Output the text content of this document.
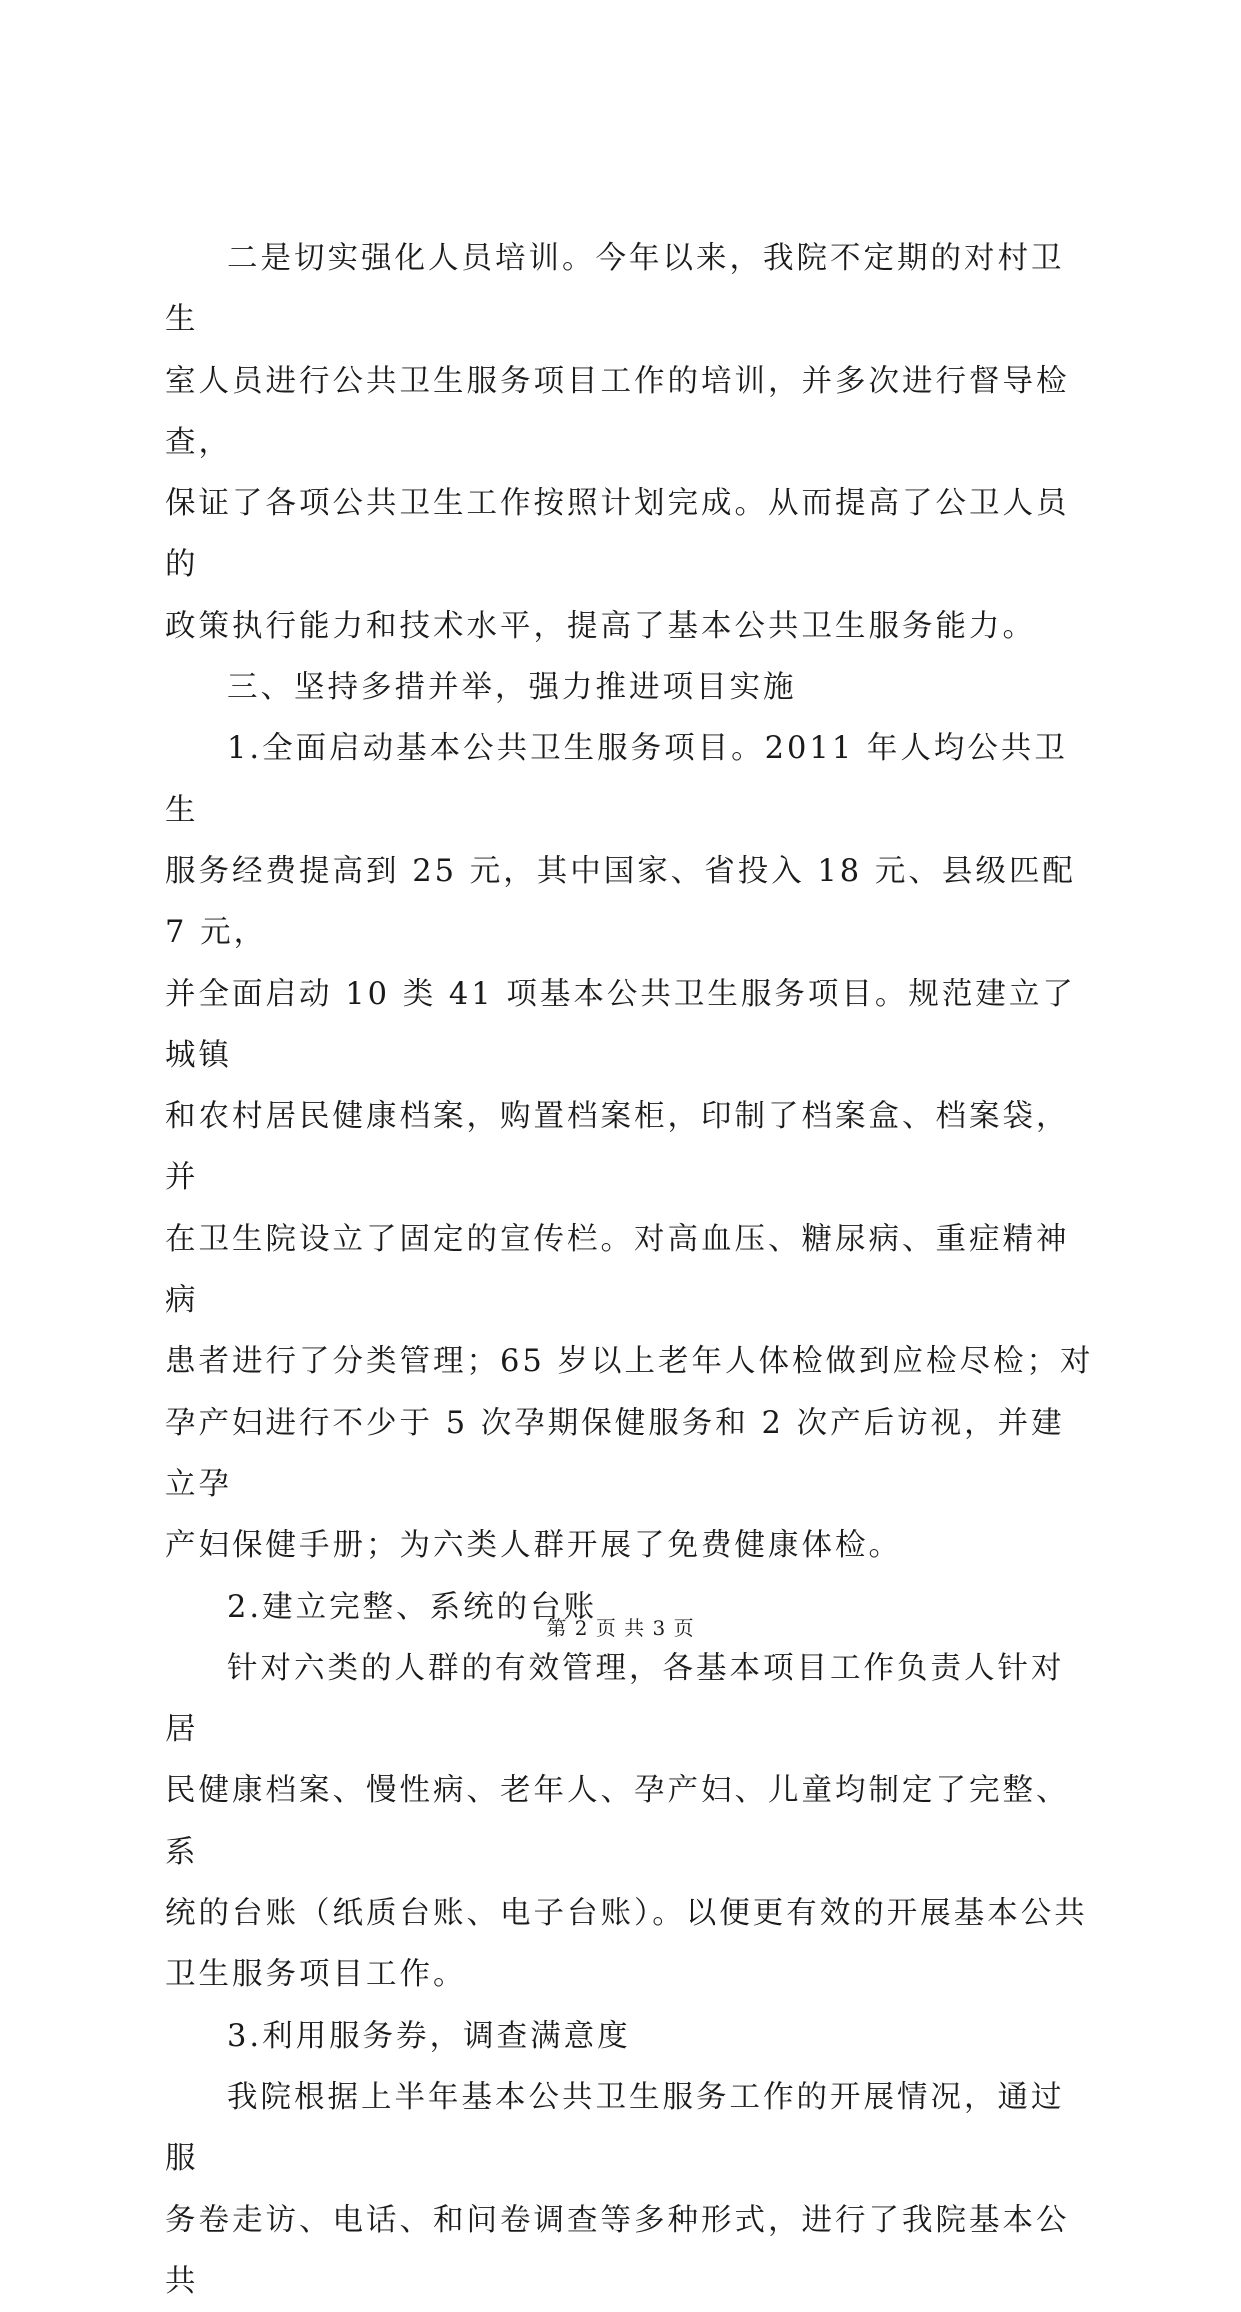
二是切实强化人员培训。今年以来，我院不定期的对村卫生
室人员进行公共卫生服务项目工作的培训，并多次进行督导检查，
保证了各项公共卫生工作按照计划完成。从而提高了公卫人员的
政策执行能力和技术水平，提高了基本公共卫生服务能力。

三、坚持多措并举，强力推进项目实施

1.全面启动基本公共卫生服务项目。2011 年人均公共卫生
服务经费提高到 25 元，其中国家、省投入 18 元、县级匹配 7 元，
并全面启动 10 类 41 项基本公共卫生服务项目。规范建立了城镇
和农村居民健康档案，购置档案柜，印制了档案盒、档案袋，并
在卫生院设立了固定的宣传栏。对高血压、糖尿病、重症精神病
患者进行了分类管理；65 岁以上老年人体检做到应检尽检；对
孕产妇进行不少于 5 次孕期保健服务和 2 次产后访视，并建立孕
产妇保健手册；为六类人群开展了免费健康体检。

2.建立完整、系统的台账

针对六类的人群的有效管理，各基本项目工作负责人针对居
民健康档案、慢性病、老年人、孕产妇、儿童均制定了完整、系
统的台账（纸质台账、电子台账）。以便更有效的开展基本公共
卫生服务项目工作。

3.利用服务券，调查满意度

我院根据上半年基本公共卫生服务工作的开展情况，通过服
务卷走访、电话、和问卷调查等多种形式，进行了我院基本公共

第 2 页 共 3 页
